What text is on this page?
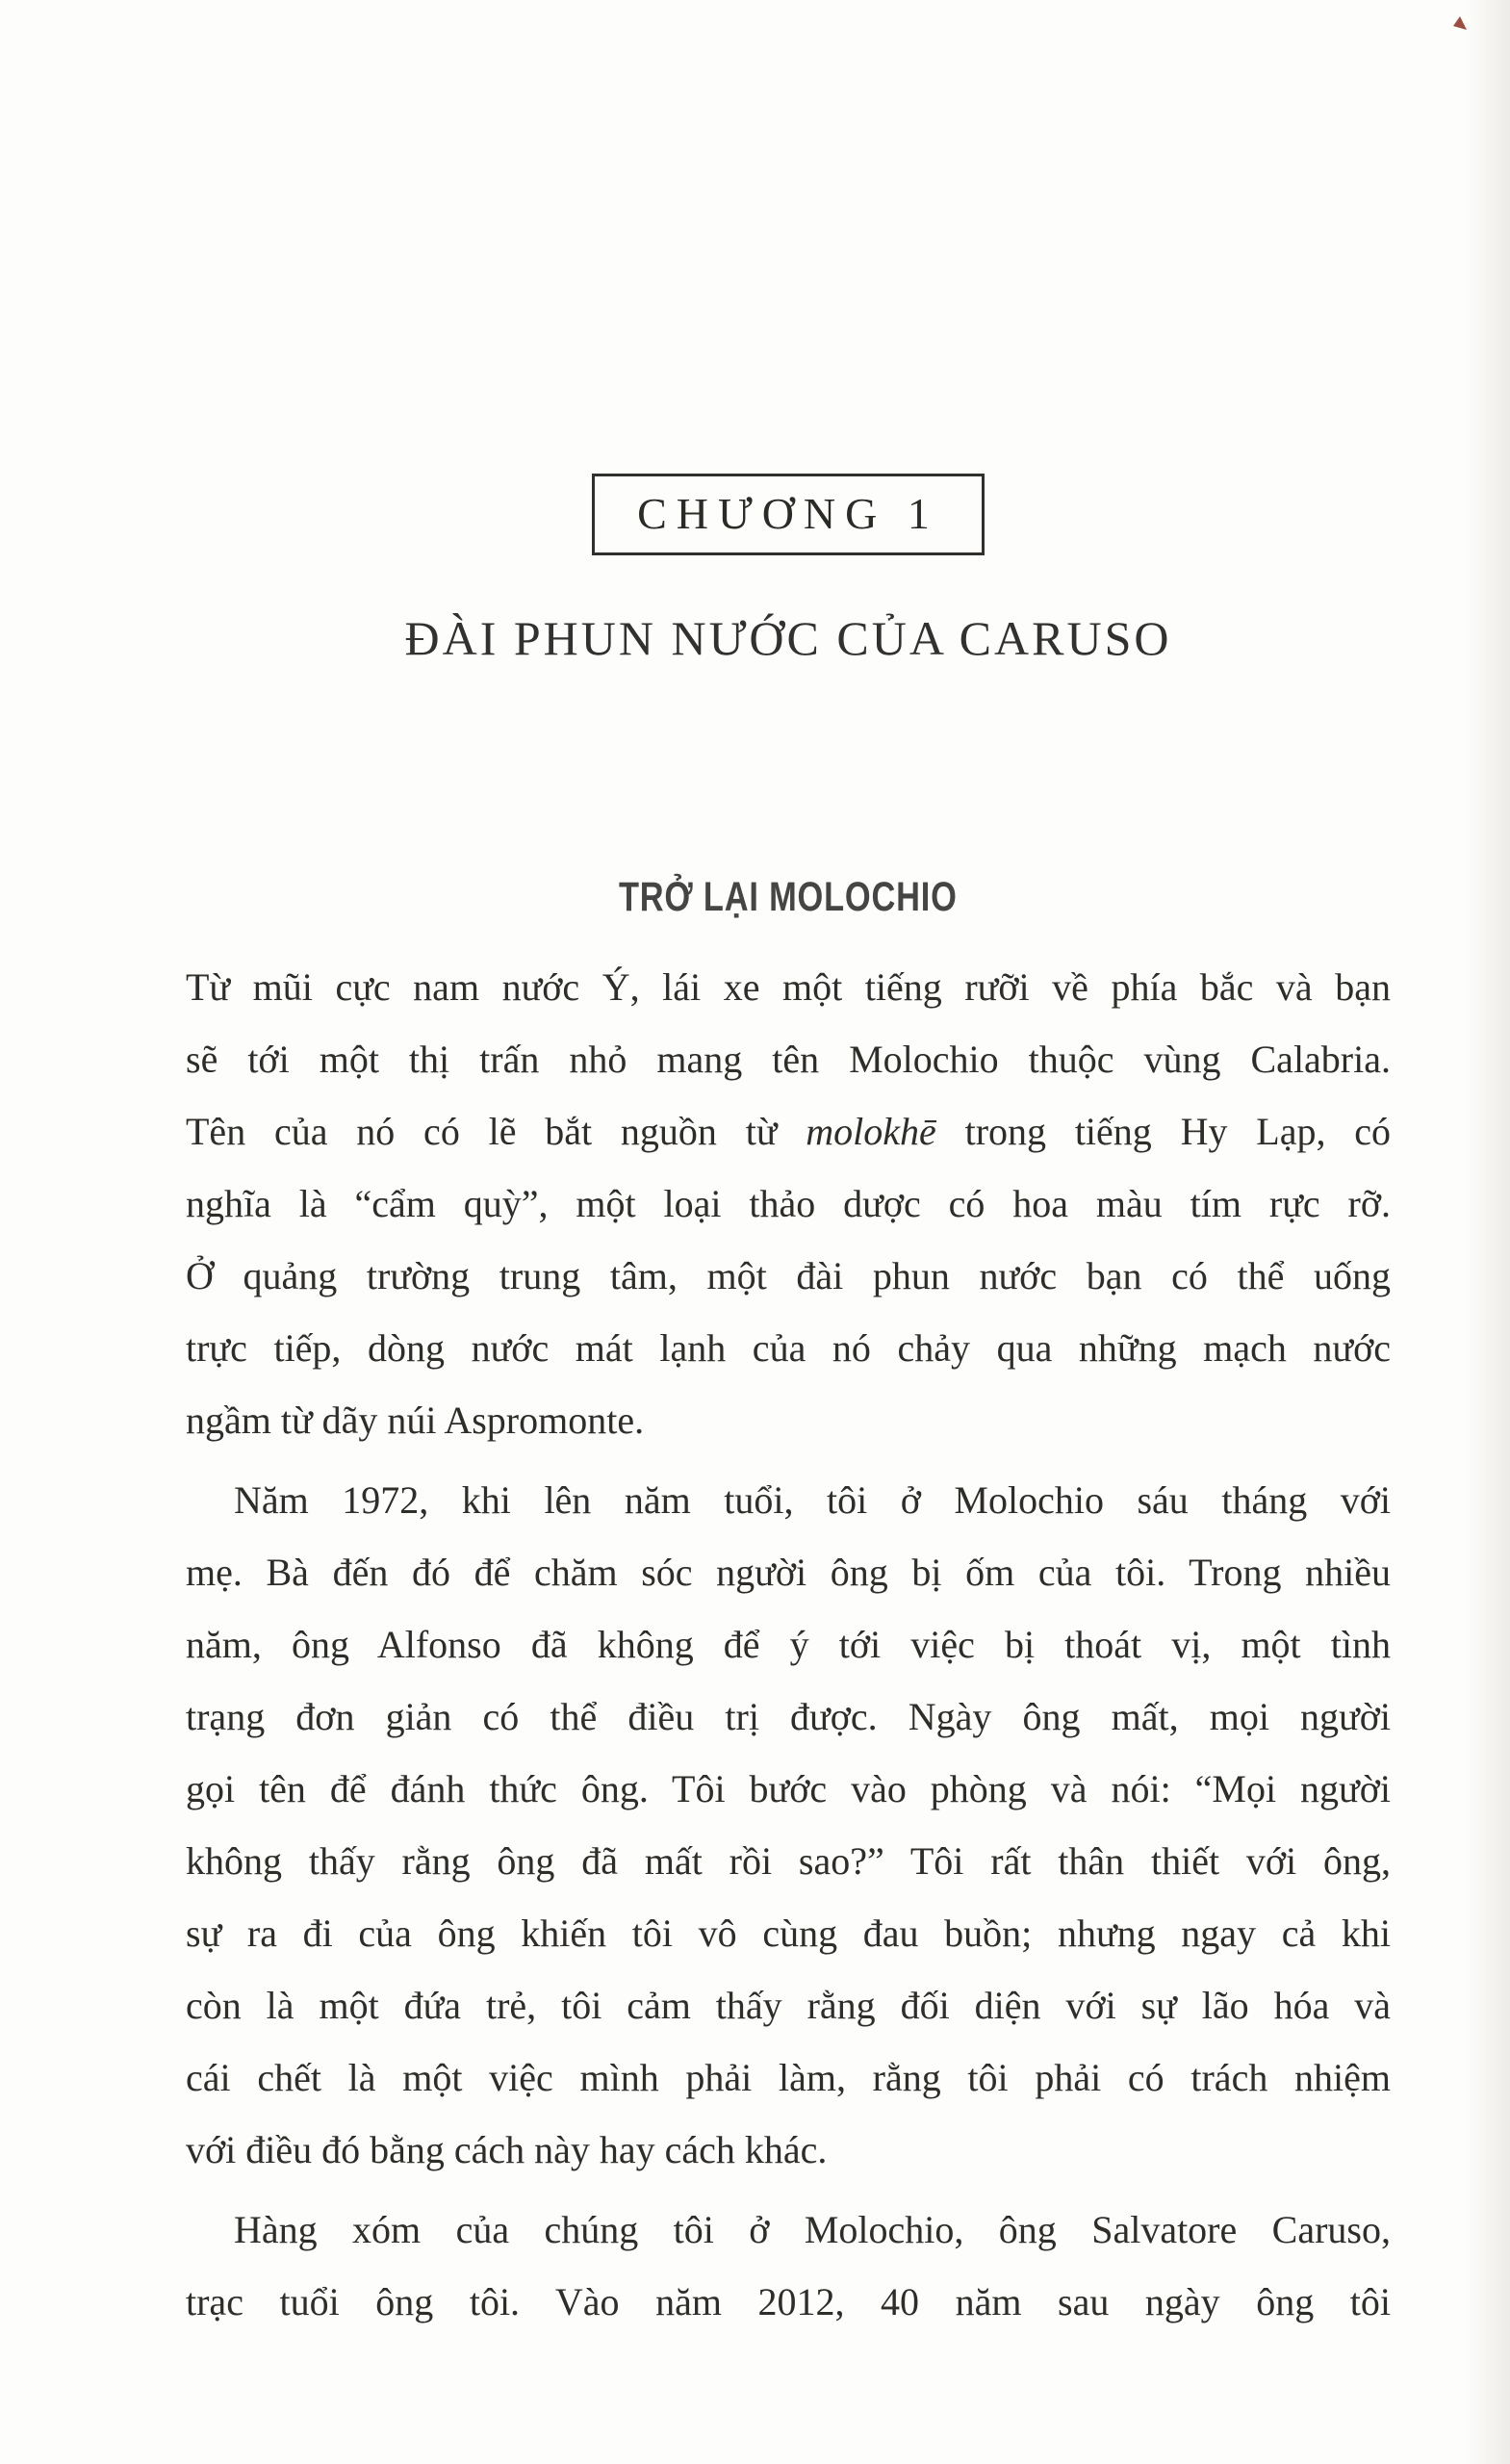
CHƯƠNG 1
ĐÀI PHUN NƯỚC CỦA CARUSO
TRỞ LẠI MOLOCHIO
Từ mũi cực nam nước Ý, lái xe một tiếng rưỡi về phía bắc và bạn
sẽ tới một thị trấn nhỏ mang tên Molochio thuộc vùng Calabria.
Tên của nó có lẽ bắt nguồn từ molokhē trong tiếng Hy Lạp, có
nghĩa là “cẩm quỳ”, một loại thảo dược có hoa màu tím rực rỡ.
Ở quảng trường trung tâm, một đài phun nước bạn có thể uống
trực tiếp, dòng nước mát lạnh của nó chảy qua những mạch nước
ngầm từ dãy núi Aspromonte.
Năm 1972, khi lên năm tuổi, tôi ở Molochio sáu tháng với
mẹ. Bà đến đó để chăm sóc người ông bị ốm của tôi. Trong nhiều
năm, ông Alfonso đã không để ý tới việc bị thoát vị, một tình
trạng đơn giản có thể điều trị được. Ngày ông mất, mọi người
gọi tên để đánh thức ông. Tôi bước vào phòng và nói: “Mọi người
không thấy rằng ông đã mất rồi sao?” Tôi rất thân thiết với ông,
sự ra đi của ông khiến tôi vô cùng đau buồn; nhưng ngay cả khi
còn là một đứa trẻ, tôi cảm thấy rằng đối diện với sự lão hóa và
cái chết là một việc mình phải làm, rằng tôi phải có trách nhiệm
với điều đó bằng cách này hay cách khác.
Hàng xóm của chúng tôi ở Molochio, ông Salvatore Caruso,
trạc tuổi ông tôi. Vào năm 2012, 40 năm sau ngày ông tôi
